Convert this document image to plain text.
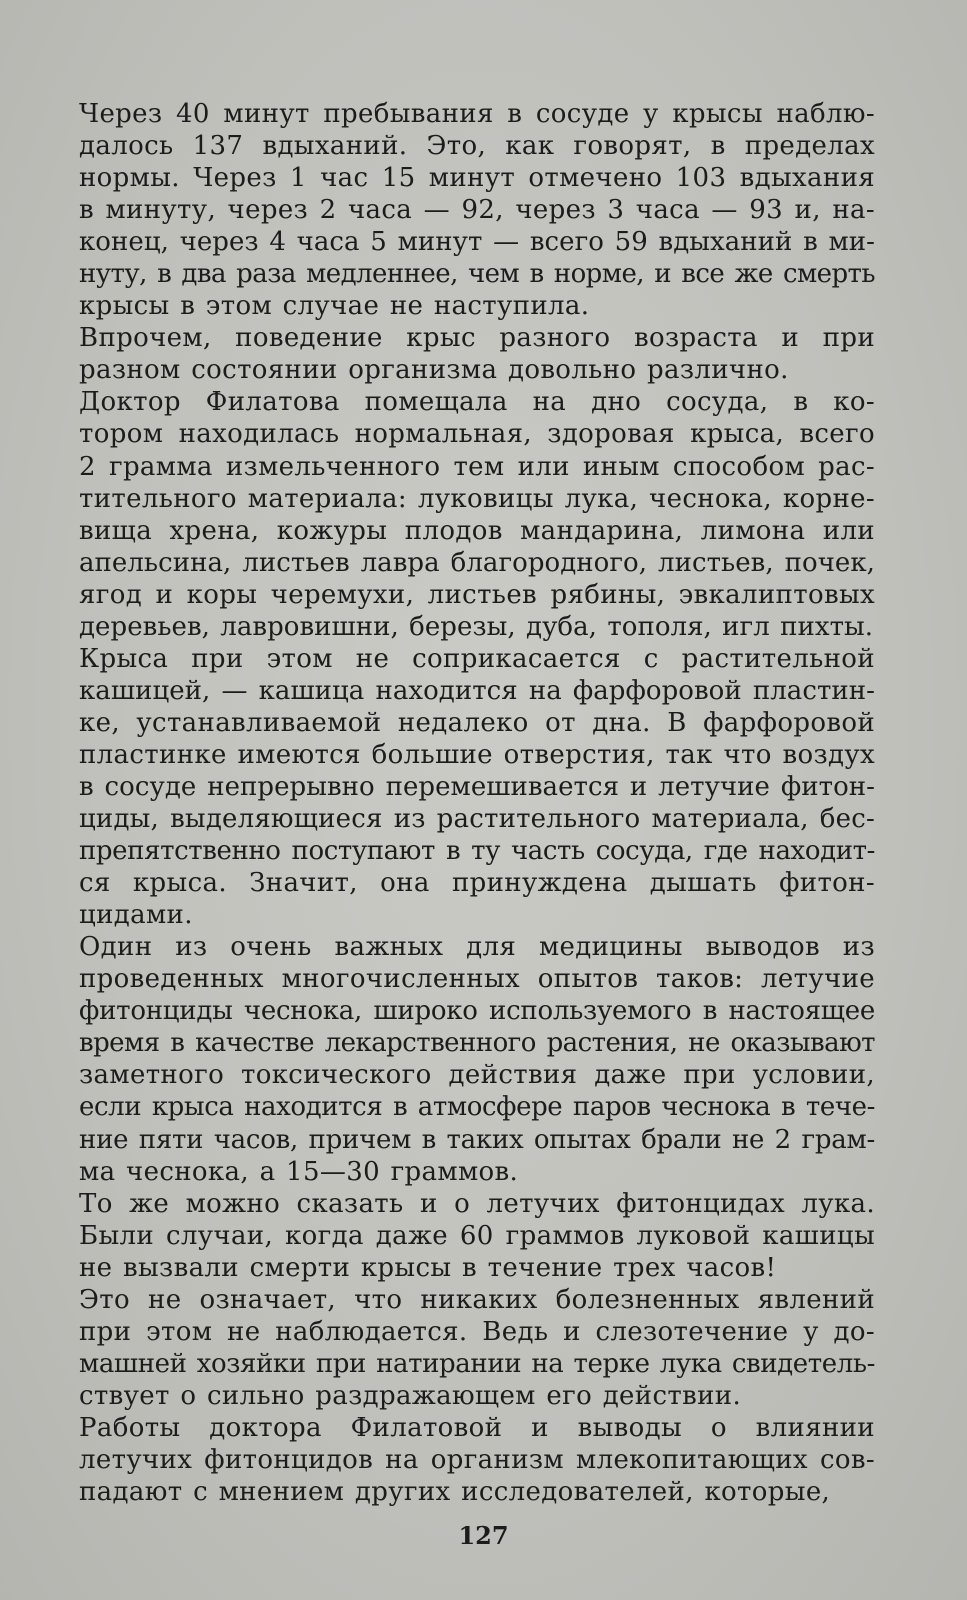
Через 40 минут пребывания в сосуде у крысы наблю-
далось 137 вдыханий. Это, как говорят, в пределах
нормы. Через 1 час 15 минут отмечено 103 вдыхания
в минуту, через 2 часа — 92, через 3 часа — 93 и, на-
конец, через 4 часа 5 минут — всего 59 вдыханий в ми-
нуту, в два раза медленнее, чем в норме, и все же смерть
крысы в этом случае не наступила.

Впрочем, поведение крыс разного возраста и при
разном состоянии организма довольно различно.

Доктор Филатова помещала на дно сосуда, в ко-
тором находилась нормальная, здоровая крыса, всего
2 грамма измельченного тем или иным способом рас-
тительного материала: луковицы лука, чеснока, корне-
вища хрена, кожуры плодов мандарина, лимона или
апельсина, листьев лавра благородного, листьев, почек,
ягод и коры черемухи, листьев рябины, эвкалиптовых
деревьев, лавровишни, березы, дуба, тополя, игл пихты.

Крыса при этом не соприкасается с растительной
кашицей, — кашица находится на фарфоровой пластин-
ке, устанавливаемой недалеко от дна. В фарфоровой
пластинке имеются большие отверстия, так что воздух
в сосуде непрерывно перемешивается и летучие фитон-
циды, выделяющиеся из растительного материала, бес-
препятственно поступают в ту часть сосуда, где находит-
ся крыса. Значит, она принуждена дышать фитон-
цидами.

Один из очень важных для медицины выводов из
проведенных многочисленных опытов таков: летучие
фитонциды чеснока, широко используемого в настоящее
время в качестве лекарственного растения, не оказывают
заметного токсического действия даже при условии,
если крыса находится в атмосфере паров чеснока в тече-
ние пяти часов, причем в таких опытах брали не 2 грам-
ма чеснока, а 15—30 граммов.

То же можно сказать и о летучих фитонцидах лука.
Были случаи, когда даже 60 граммов луковой кашицы
не вызвали смерти крысы в течение трех часов!

Это не означает, что никаких болезненных явлений
при этом не наблюдается. Ведь и слезотечение у до-
машней хозяйки при натирании на терке лука свидетель-
ствует о сильно раздражающем его действии.

Работы доктора Филатовой и выводы о влиянии
летучих фитонцидов на организм млекопитающих сов-
падают с мнением других исследователей, которые,

127
